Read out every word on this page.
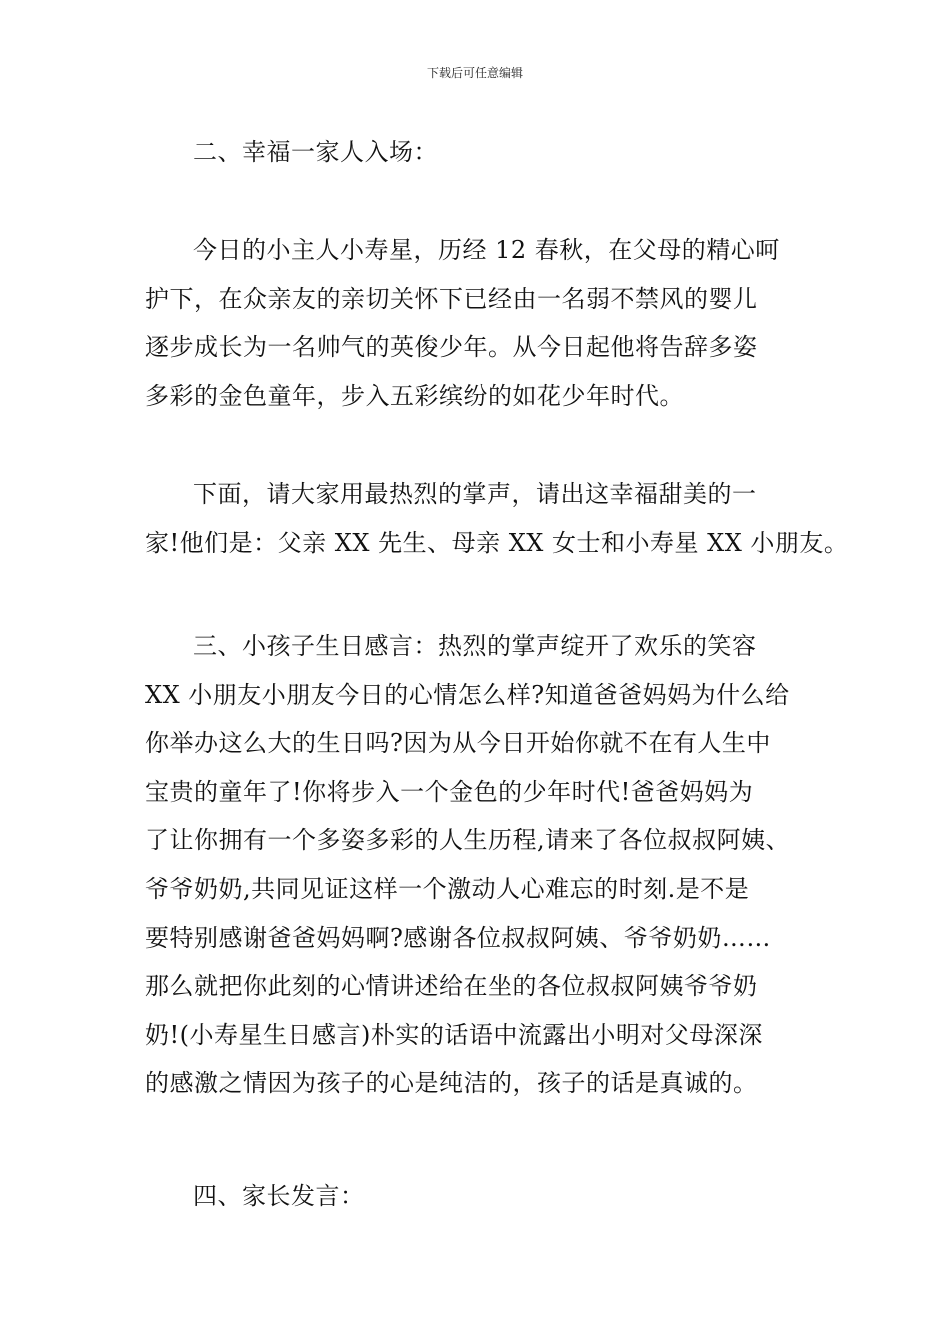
下载后可任意编辑
二、幸福一家人入场：
今日的小主人小寿星，历经 12 春秋，在父母的精心呵
护下，在众亲友的亲切关怀下已经由一名弱不禁风的婴儿
逐步成长为一名帅气的英俊少年。从今日起他将告辞多姿
多彩的金色童年，步入五彩缤纷的如花少年时代。
下面，请大家用最热烈的掌声，请出这幸福甜美的一
家!他们是：父亲 XX 先生、母亲 XX 女士和小寿星 XX 小朋友。
三、小孩子生日感言：热烈的掌声绽开了欢乐的笑容
XX 小朋友小朋友今日的心情怎么样?知道爸爸妈妈为什么给
你举办这么大的生日吗?因为从今日开始你就不在有人生中
宝贵的童年了!你将步入一个金色的少年时代!爸爸妈妈为
了让你拥有一个多姿多彩的人生历程,请来了各位叔叔阿姨、
爷爷奶奶,共同见证这样一个激动人心难忘的时刻.是不是
要特别感谢爸爸妈妈啊?感谢各位叔叔阿姨、爷爷奶奶……
那么就把你此刻的心情讲述给在坐的各位叔叔阿姨爷爷奶
奶!(小寿星生日感言)朴实的话语中流露出小明对父母深深
的感激之情因为孩子的心是纯洁的，孩子的话是真诚的。
四、家长发言：
